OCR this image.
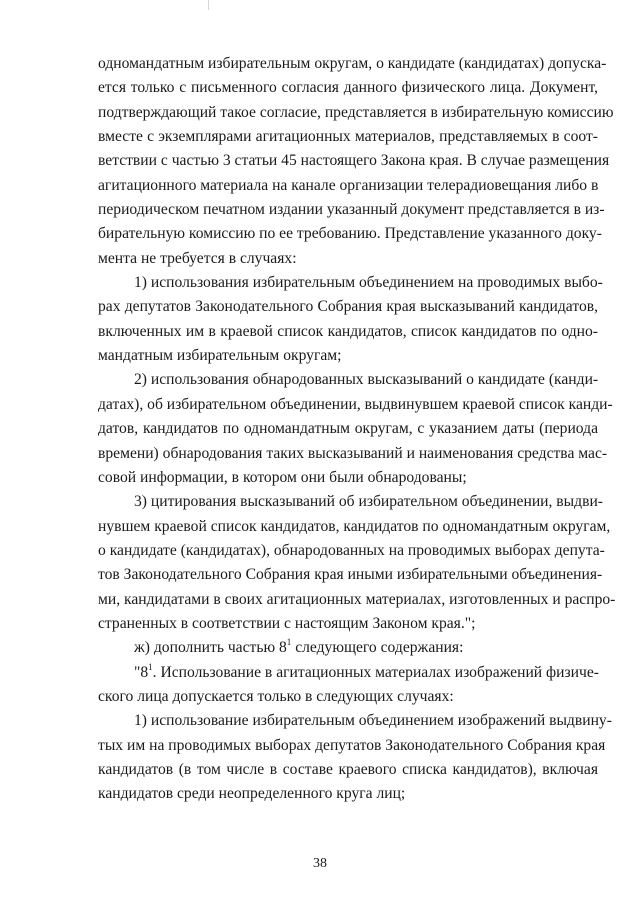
одномандатным избирательным округам, о кандидате (кандидатах) допуска-
ется только с письменного согласия данного физического лица. Документ,
подтверждающий такое согласие, представляется в избирательную комиссию
вместе с экземплярами агитационных материалов, представляемых в соот-
ветствии с частью 3 статьи 45 настоящего Закона края. В случае размещения
агитационного материала на канале организации телерадиовещания либо в
периодическом печатном издании указанный документ представляется в из-
бирательную комиссию по ее требованию. Представление указанного доку-
мента не требуется в случаях:
1) использования избирательным объединением на проводимых выбо-
рах депутатов Законодательного Собрания края высказываний кандидатов,
включенных им в краевой список кандидатов, список кандидатов по одно-
мандатным избирательным округам;
2) использования обнародованных высказываний о кандидате (канди-
датах), об избирательном объединении, выдвинувшем краевой список канди-
датов, кандидатов по одномандатным округам, с указанием даты (периода
времени) обнародования таких высказываний и наименования средства мас-
совой информации, в котором они были обнародованы;
3) цитирования высказываний об избирательном объединении, выдви-
нувшем краевой список кандидатов, кандидатов по одномандатным округам,
о кандидате (кандидатах), обнародованных на проводимых выборах депута-
тов Законодательного Собрания края иными избирательными объединения-
ми, кандидатами в своих агитационных материалах, изготовленных и распро-
страненных в соответствии с настоящим Законом края.";
ж) дополнить частью $8^1$ следующего содержания:
"$8^1$. Использование в агитационных материалах изображений физиче-
ского лица допускается только в следующих случаях:
1) использование избирательным объединением изображений выдвину-
тых им на проводимых выборах депутатов Законодательного Собрания края
кандидатов (в том числе в составе краевого списка кандидатов), включая
кандидатов среди неопределенного круга лиц;
38
